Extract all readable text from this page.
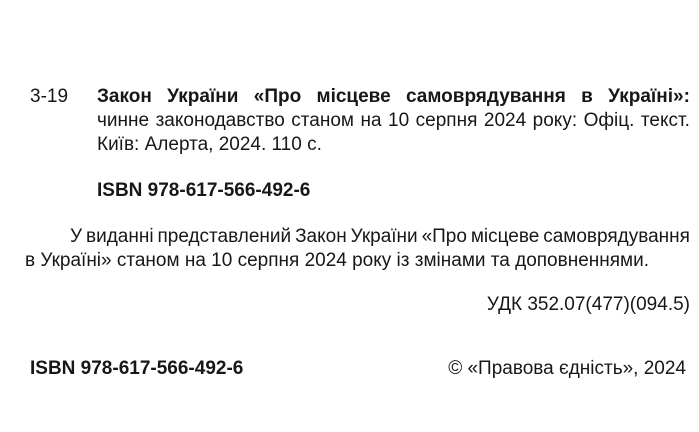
3-19	Закон України «Про місцеве самоврядування в Україні»:
чинне законодавство станом на 10 серпня 2024 року: Офіц. текст.
Київ: Алерта, 2024. 110 с.
ISBN 978-617-566-492-6
У виданні представлений Закон України «Про місцеве самоврядування
в Україні» станом на 10 серпня 2024 року із змінами та доповненнями.
УДК 352.07(477)(094.5)
ISBN 978-617-566-492-6	© «Правова єдність», 2024
